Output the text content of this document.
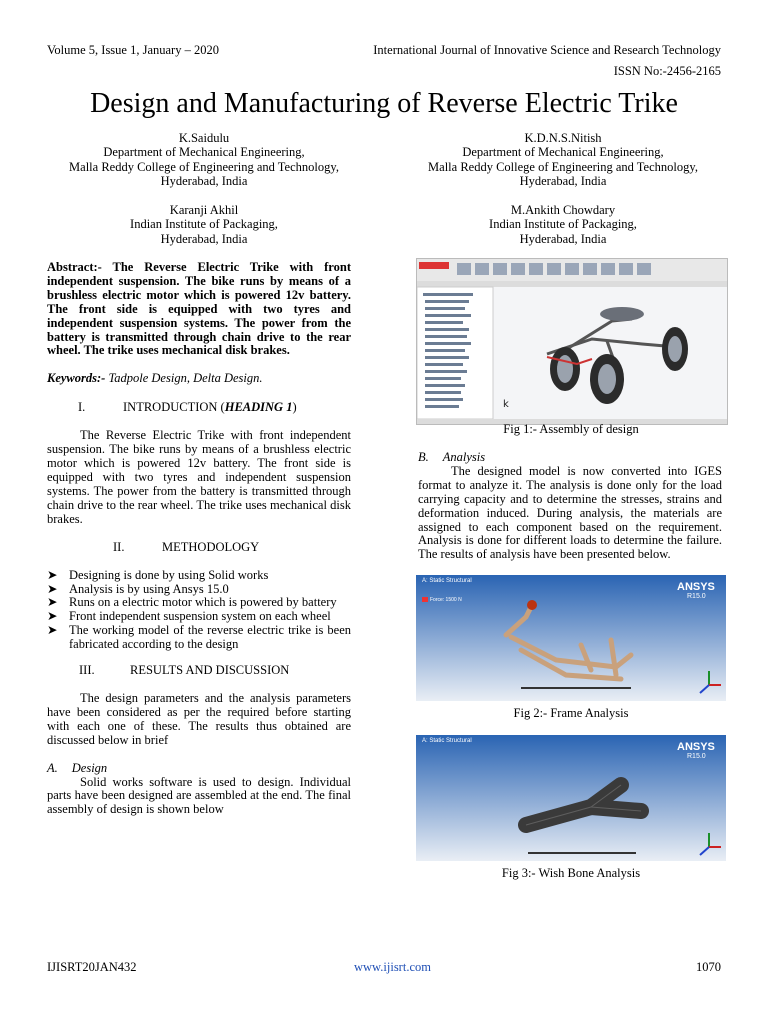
Volume 5, Issue 1, January – 2020	International Journal of Innovative Science and Research Technology
ISSN No:-2456-2165
Design and Manufacturing of Reverse Electric Trike
K.Saidulu
Department of Mechanical Engineering,
Malla Reddy College of Engineering and Technology,
Hyderabad, India
K.D.N.S.Nitish
Department of Mechanical Engineering,
Malla Reddy College of Engineering and Technology,
Hyderabad, India
Karanji Akhil
Indian Institute of Packaging,
Hyderabad, India
M.Ankith Chowdary
Indian Institute of Packaging,
Hyderabad, India

Abstract:- The Reverse Electric Trike with front independent suspension. The bike runs by means of a brushless electric motor which is powered 12v battery. The front side is equipped with two tyres and independent suspension systems. The power from the battery is transmitted through chain drive to the rear wheel. The trike uses mechanical disk brakes.

Keywords:- Tadpole Design, Delta Design.

I.	INTRODUCTION (HEADING 1)

The Reverse Electric Trike with front independent suspension. The bike runs by means of a brushless electric motor which is powered 12v battery. The front side is equipped with two tyres and independent suspension systems. The power from the battery is transmitted through chain drive to the rear wheel. The trike uses mechanical disk brakes.

II.	METHODOLOGY
➤ Designing is done by using Solid works
➤ Analysis is by using Ansys 15.0
➤ Runs on a electric motor which is powered by battery
➤ Front independent suspension system on each wheel
➤ The working model of the reverse electric trike is been fabricated according to the design
III.	RESULTS AND DISCUSSION

The design parameters and the analysis parameters have been considered as per the required before starting with each one of these. The results thus obtained are discussed below in brief

A. Design

Solid works software is used to design. Individual parts have been designed are assembled at the end. The final assembly of design is shown below

k
Fig 1:- Assembly of design

B. Analysis

The designed model is now converted into IGES format to analyze it. The analysis is done only for the load carrying capacity and to determine the stresses, strains and deformation induced. During analysis, the materials are assigned to each component based on the requirement. Analysis is done for different loads to determine the failure. The results of analysis have been presented below.

ANSYS
R15.0
A: Static Structural
Force: 1500 N
Fig 2:- Frame Analysis
ANSYS
R15.0
A: Static Structural
Fig 3:- Wish Bone Analysis
IJISRT20JAN432	www.ijisrt.com	1070
